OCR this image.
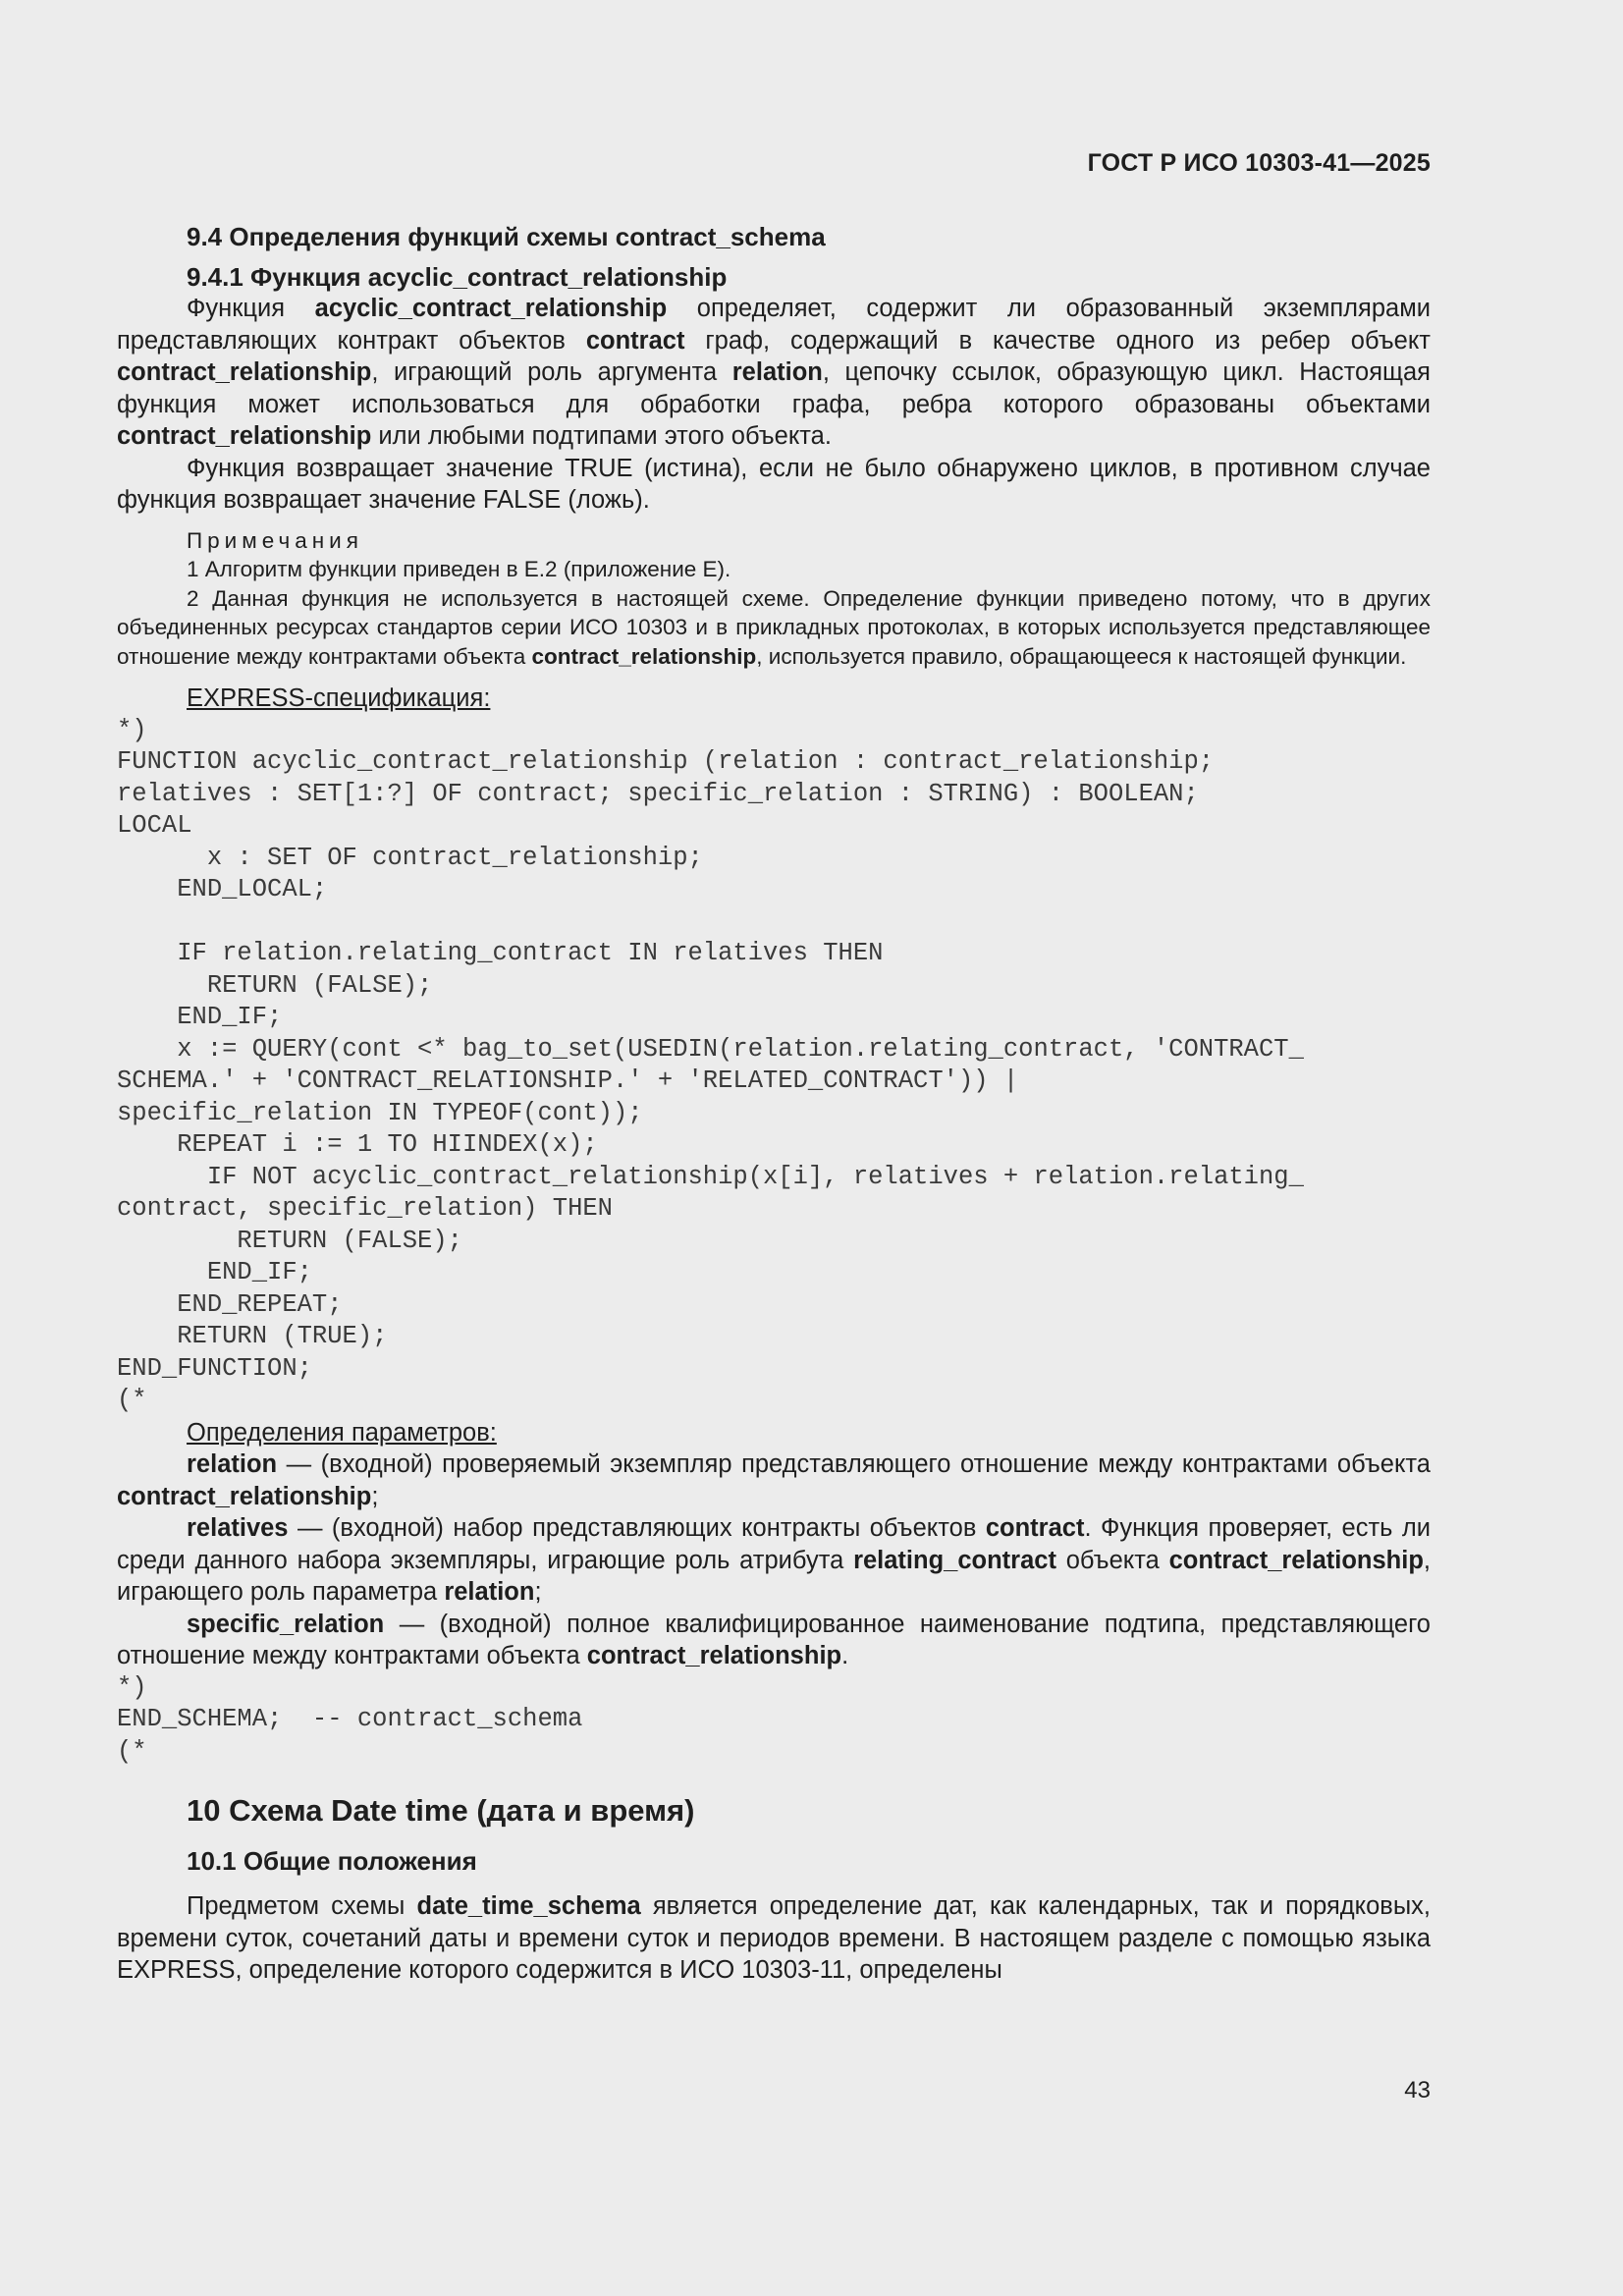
ГОСТ Р ИСО 10303-41—2025
9.4 Определения функций схемы contract_schema
9.4.1 Функция acyclic_contract_relationship

Функция acyclic_contract_relationship определяет, содержит ли образованный экземплярами представляющих контракт объектов contract граф, содержащий в качестве одного из ребер объект contract_relationship, играющий роль аргумента relation, цепочку ссылок, образующую цикл. Настоящая функция может использоваться для обработки графа, ребра которого образованы объектами contract_relationship или любыми подтипами этого объекта.

Функция возвращает значение TRUE (истина), если не было обнаружено циклов, в противном случае функция возвращает значение FALSE (ложь).

Примечания
1 Алгоритм функции приведен в Е.2 (приложение Е).

2 Данная функция не используется в настоящей схеме. Определение функции приведено потому, что в других объединенных ресурсах стандартов серии ИСО 10303 и в прикладных протоколах, в которых используется представляющее отношение между контрактами объекта contract_relationship, используется правило, обращающееся к настоящей функции.

EXPRESS-спецификация:
*)
FUNCTION acyclic_contract_relationship (relation : contract_relationship;
relatives : SET[1:?] OF contract; specific_relation : STRING) : BOOLEAN;
LOCAL
x : SET OF contract_relationship;
END_LOCAL;

IF relation.relating_contract IN relatives THEN
RETURN (FALSE);
END_IF;
x := QUERY(cont <* bag_to_set(USEDIN(relation.relating_contract, 'CONTRACT_
SCHEMA.' + 'CONTRACT_RELATIONSHIP.' + 'RELATED_CONTRACT')) |
specific_relation IN TYPEOF(cont));
REPEAT i := 1 TO HIINDEX(x);
IF NOT acyclic_contract_relationship(x[i], relatives + relation.relating_
contract, specific_relation) THEN
RETURN (FALSE);
END_IF;
END_REPEAT;
RETURN (TRUE);
END_FUNCTION;
(*
Определения параметров:

relation — (входной) проверяемый экземпляр представляющего отношение между контрактами объекта contract_relationship;

relatives — (входной) набор представляющих контракты объектов contract. Функция проверяет, есть ли среди данного набора экземпляры, играющие роль атрибута relating_contract объекта contract_relationship, играющего роль параметра relation;

specific_relation — (входной) полное квалифицированное наименование подтипа, представляющего отношение между контрактами объекта contract_relationship.

*)
END_SCHEMA;  -- contract_schema
(*
10 Схема Date time (дата и время)
10.1 Общие положения

Предметом схемы date_time_schema является определение дат, как календарных, так и порядковых, времени суток, сочетаний даты и времени суток и периодов времени. В настоящем разделе с помощью языка EXPRESS, определение которого содержится в ИСО 10303-11, определены

43
